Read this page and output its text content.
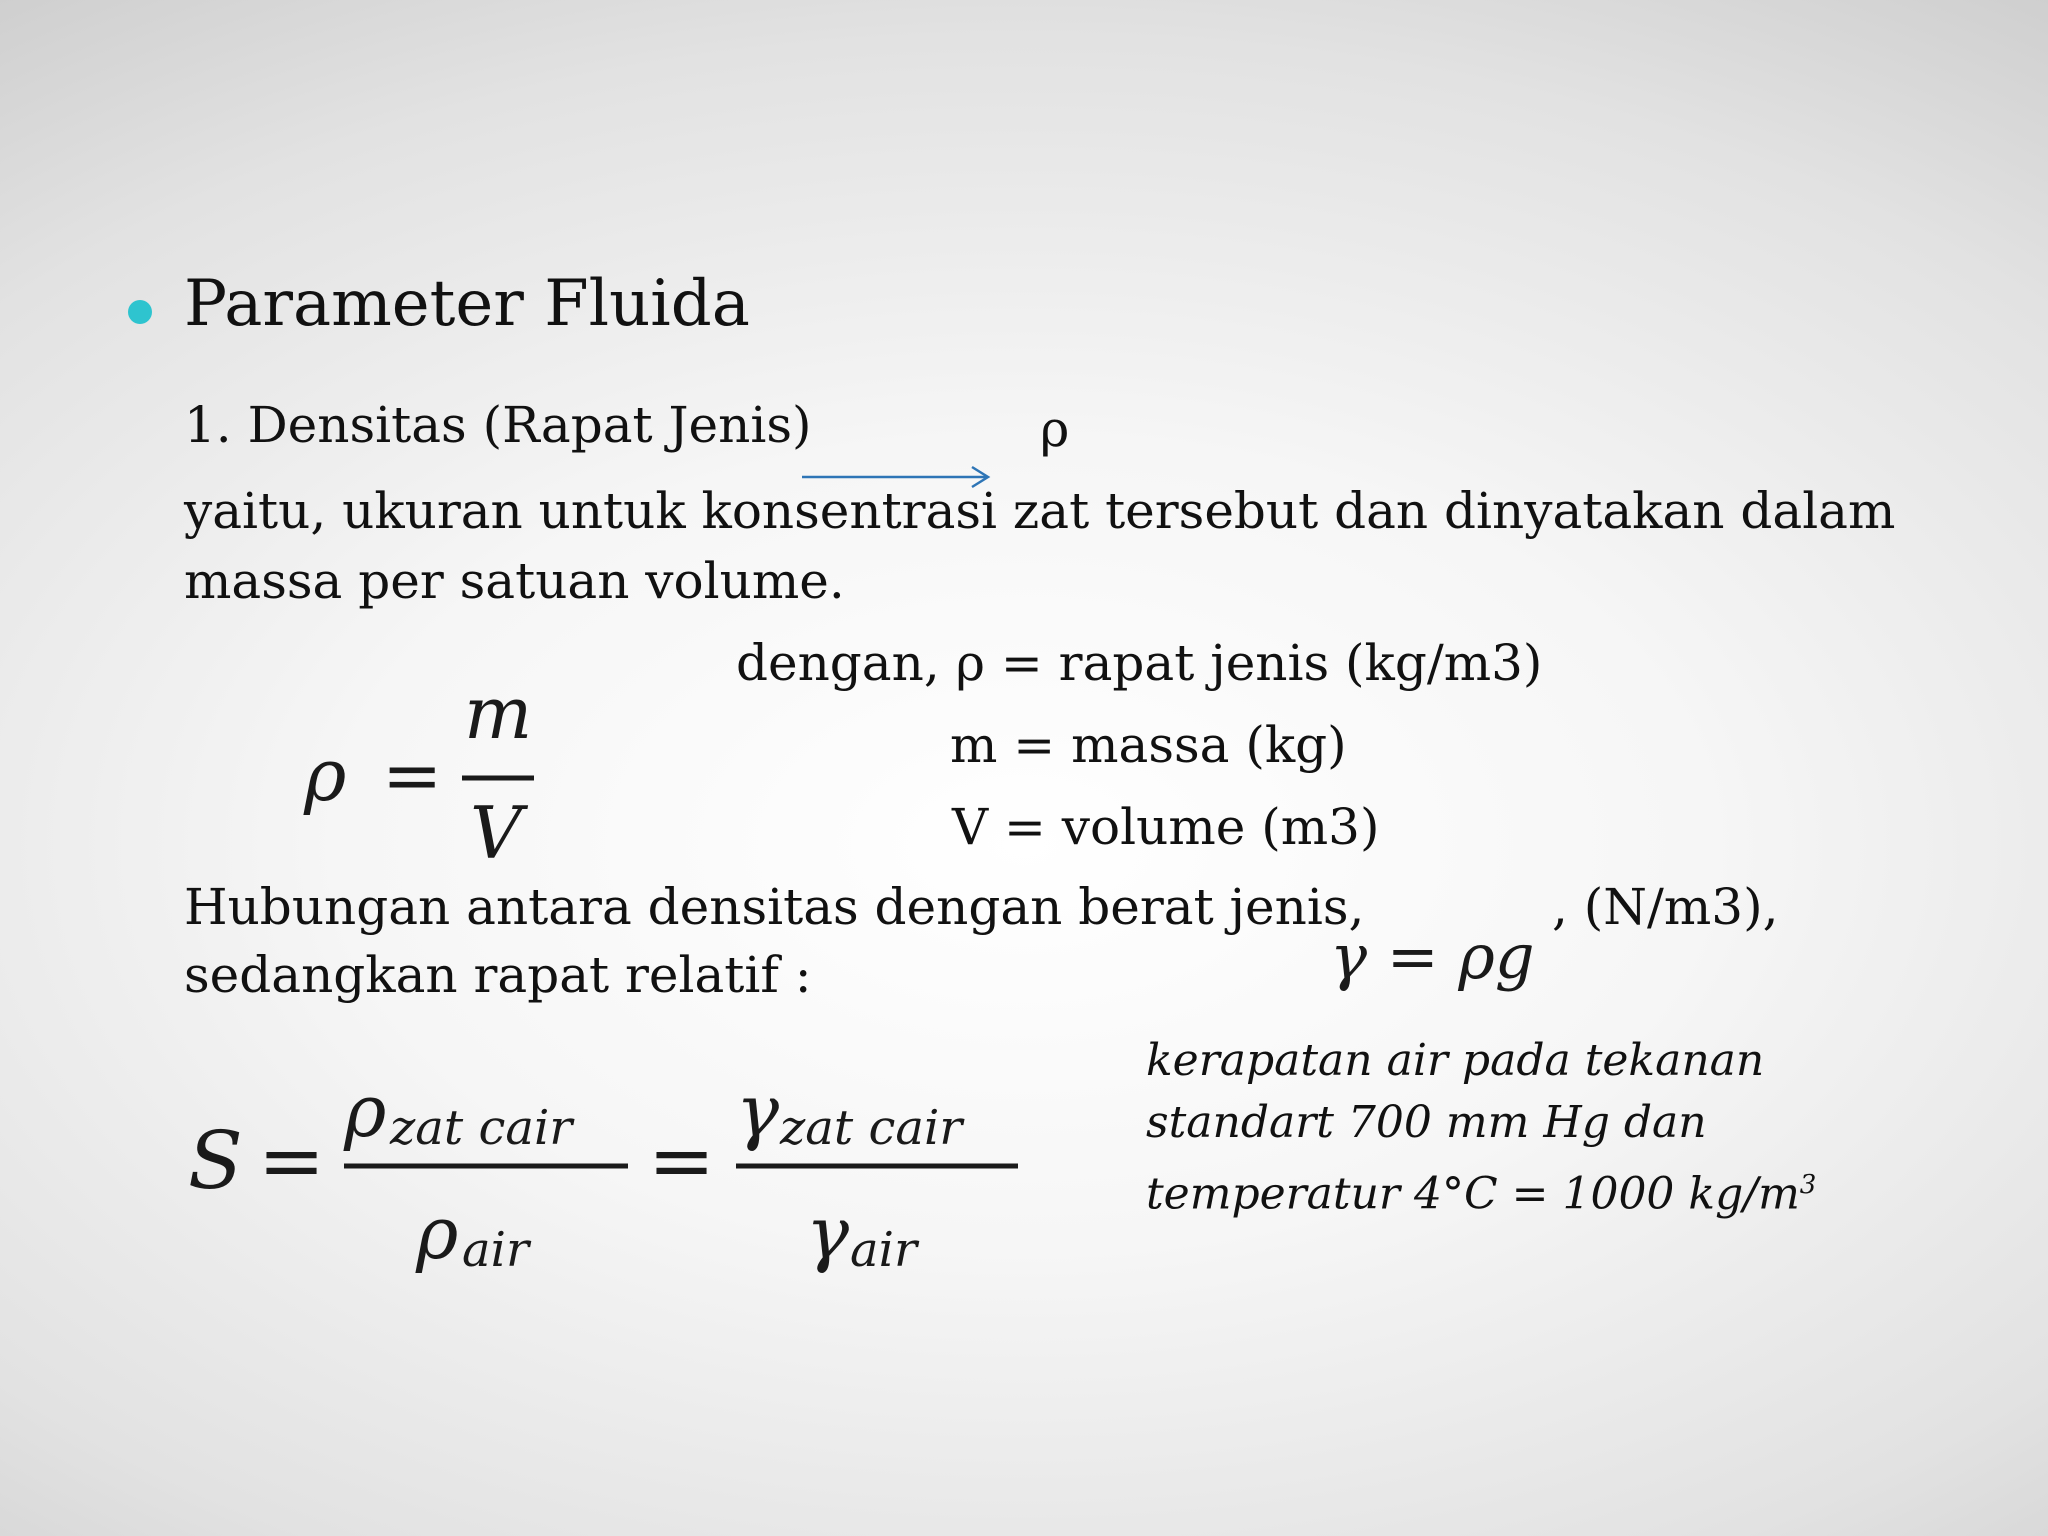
Parameter Fluida
1. Densitas (Rapat Jenis)	ρ
yaitu, ukuran untuk konsentrasi zat tersebut dan dinyatakan dalam
massa per satuan volume.
dengan, ρ = rapat jenis (kg/m3)
m = massa (kg)
V = volume (m3)
ρ =
m
V
Hubungan antara densitas dengan berat jenis,	, (N/m3),
sedangkan rapat relatif :	γ = ρg
S =
ρ zat cair
ρ air
=
γ zat cair
γ air
kerapatan air pada tekanan
standart 700 mm Hg dan
temperatur 4°C = 1000 $kg/m^3$
